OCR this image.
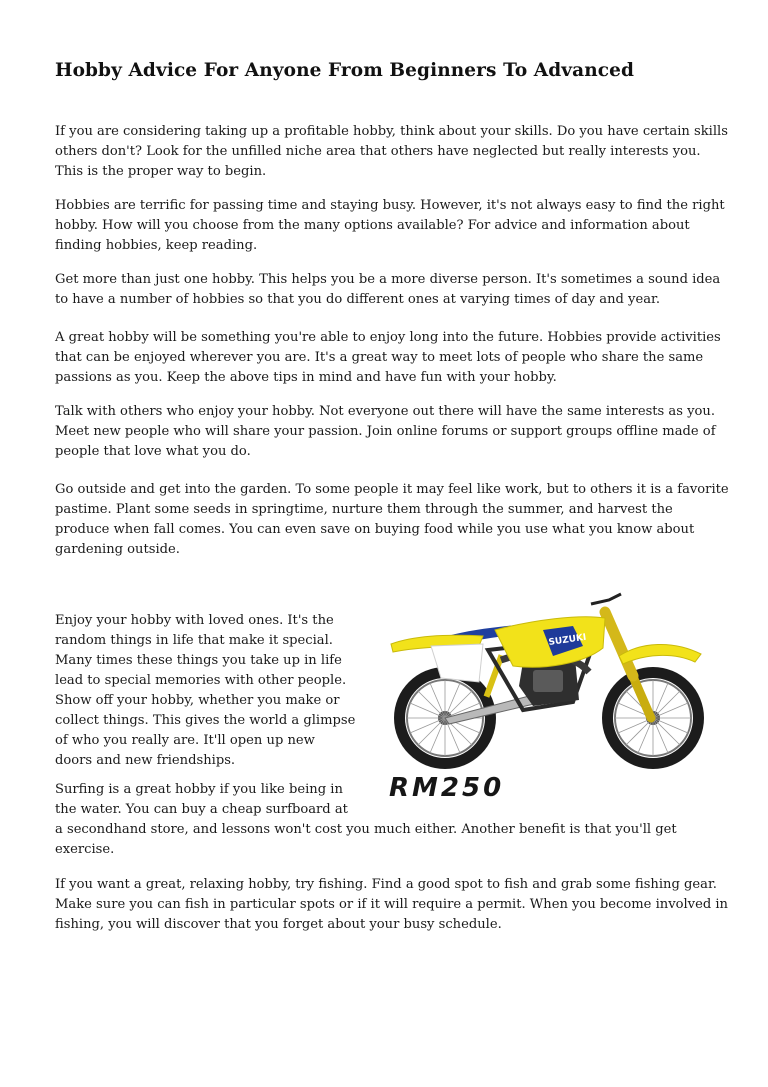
Hobby Advice For Anyone From Beginners To Advanced

If you are considering taking up a profitable hobby, think about your skills. Do you have certain skills
others don't? Look for the unfilled niche area that others have neglected but really interests you.
This is the proper way to begin.

Hobbies are terrific for passing time and staying busy. However, it's not always easy to find the right
hobby. How will you choose from the many options available? For advice and information about
finding hobbies, keep reading.

Get more than just one hobby. This helps you be a more diverse person. It's sometimes a sound idea
to have a number of hobbies so that you do different ones at varying times of day and year.

A great hobby will be something you're able to enjoy long into the future. Hobbies provide activities
that can be enjoyed wherever you are. It's a great way to meet lots of people who share the same
passions as you. Keep the above tips in mind and have fun with your hobby.

Talk with others who enjoy your hobby. Not everyone out there will have the same interests as you.
Meet new people who will share your passion. Join online forums or support groups offline made of
people that love what you do.

Go outside and get into the garden. To some people it may feel like work, but to others it is a favorite
pastime. Plant some seeds in springtime, nurture them through the summer, and harvest the
produce when fall comes. You can even save on buying food while you use what you know about
gardening outside.

Enjoy your hobby with loved ones. It's the
random things in life that make it special.
Many times these things you take up in life
lead to special memories with other people.
Show off your hobby, whether you make or
collect things. This gives the world a glimpse
of who you really are. It'll open up new
doors and new friendships.

Surfing is a great hobby if you like being in
the water. You can buy a cheap surfboard at
a secondhand store, and lessons won't cost you much either. Another benefit is that you'll get
exercise.

If you want a great, relaxing hobby, try fishing. Find a good spot to fish and grab some fishing gear.
Make sure you can fish in particular spots or if it will require a permit. When you become involved in
fishing, you will discover that you forget about your busy schedule.

SUZUKI
RM250
